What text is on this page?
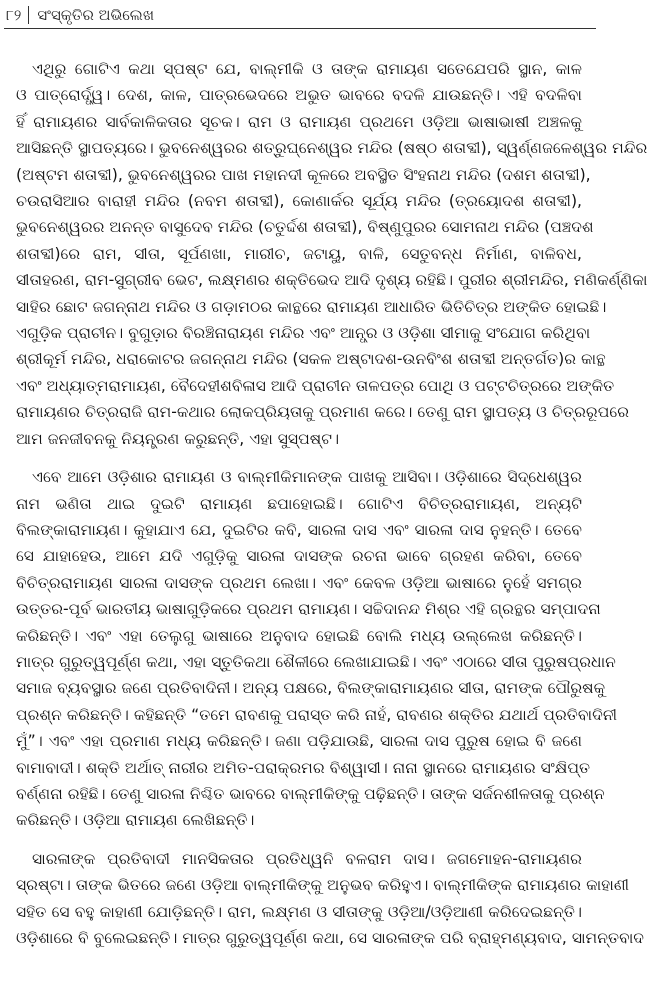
୮୨	ସଂସ୍କୃତିର ଅଭିଲେଖ
ଏଥିରୁ ଗୋଟିଏ କଥା ସ୍ପଷ୍ଟ ଯେ, ବାଲ୍ମୀକି ଓ ତାଙ୍କ ରାମାୟଣ ସତେଯେପରି ସ୍ଥାନ, କାଳ
ଓ ପାତ୍ରୋର୍ଦ୍ଧ୍ୱ। ଦେଶ, କାଳ, ପାତ୍ରଭେଦରେ ଅଭୁତ ଭାବରେ ବଦଳି ଯାଉଛନ୍ତି। ଏହି ବଦଳିବା
ହିଁ ରାମାୟଣର ସାର୍ବକାଳିକତାର ସୂଚକ। ରାମ ଓ ରାମାୟଣ ପ୍ରଥମେ ଓଡ଼ିଆ ଭାଷାଭାଷୀ ଅଞ୍ଚଳକୁ
ଆସିଛନ୍ତି ସ୍ଥାପତ୍ୟରେ। ଭୁବନେଶ୍ୱରର ଶତ୍ରୁଘ୍ନେଶ୍ୱର ମନ୍ଦିର (ଷଷ୍ଠ ଶତାବ୍ଦୀ), ସ୍ୱର୍ଣ୍ଣଜଳେଶ୍ୱର ମନ୍ଦିର
(ଅଷ୍ଟମ ଶତାବ୍ଦୀ), ଭୁବନେଶ୍ୱରର ପାଖ ମହାନଦୀ କୂଳରେ ଅବସ୍ଥିତ ସିଂହନାଥ ମନ୍ଦିର (ଦଶମ ଶତାବ୍ଦୀ),
ଚଉରାସିଆର ବାରାହୀ ମନ୍ଦିର (ନବମ ଶତାବ୍ଦୀ), କୋଣାର୍କର ସୂର୍ଯ୍ୟ ମନ୍ଦିର (ତ୍ରୟୋଦଶ ଶତାବ୍ଦୀ),
ଭୁବନେଶ୍ୱରର ଅନନ୍ତ ବାସୁଦେବ ମନ୍ଦିର (ଚତୁର୍ଦ୍ଦଶ ଶତାବ୍ଦୀ), ବିଷ୍ଣୁପୁରର ସୋମନାଥ ମନ୍ଦିର (ପଞ୍ଚଦଶ
ଶତାବ୍ଦୀ)ରେ ରାମ, ସୀତା, ସୂର୍ପଣଖା, ମାରୀଚ, ଜଟାୟୁ, ବାଳି, ସେତୁବନ୍ଧ ନିର୍ମାଣ, ବାଳିବଧ,
ସୀତାହରଣ, ରାମ-ସୁଗ୍ରୀବ ଭେଟ, ଲକ୍ଷ୍ମଣର ଶକ୍ତିଭେଦ ଆଦି ଦୃଶ୍ୟ ରହିଛି। ପୁରୀର ଶ୍ରୀମନ୍ଦିର, ମଣିକର୍ଣ୍ଣିକା
ସାହିର ଛୋଟ ଜଗନ୍ନାଥ ମନ୍ଦିର ଓ ଗଡ଼ାମଠର କାନ୍ଥରେ ରାମାୟଣ ଆଧାରିତ ଭିତିଚିତ୍ର ଅଙ୍କିତ ହୋଇଛି।
ଏଗୁଡ଼ିକ ପ୍ରାଚୀନ। ବୁଗୁଡ଼ାର ବିରଞ୍ଚିନାରାୟଣ ମନ୍ଦିର ଏବଂ ଆନ୍ଧ୍ର ଓ ଓଡ଼ିଶା ସୀମାକୁ ସଂଯୋଗ କରିଥିବା
ଶ୍ରୀକୂର୍ମ ମନ୍ଦିର, ଧରାକୋଟର ଜଗନ୍ନାଥ ମନ୍ଦିର (ସକଳ ଅଷ୍ଟାଦଶ-ଉନବିଂଶ ଶତାବ୍ଦୀ ଅନ୍ତର୍ଗତ)ର କାନ୍ଥ
ଏବଂ ଅଧ୍ୟାତ୍ମରାମାୟଣ, ବୈଦେହୀଶବିଳାସ ଆଦି ପ୍ରାଚୀନ ତାଳପତ୍ର ପୋଥି ଓ ପଟ୍ଟଚିତ୍ରରେ ଅଙ୍କିତ
ରାମାୟଣର ଚିତ୍ରରାଜି ରାମ-କଥାର ଲୋକପ୍ରିୟତାକୁ ପ୍ରମାଣ କରେ। ତେଣୁ ରାମ ସ୍ଥାପତ୍ୟ ଓ ଚିତ୍ରରୂପରେ
ଆମ ଜନଜୀବନକୁ ନିୟନ୍ତ୍ରଣ କରୁଛନ୍ତି, ଏହା ସୁସ୍ପଷ୍ଟ।
ଏବେ ଆମେ ଓଡ଼ିଶାର ରାମାୟଣ ଓ ବାଲ୍ମୀକିମାନଙ୍କ ପାଖକୁ ଆସିବା। ଓଡ଼ିଶାରେ ସିଦ୍ଧେଶ୍ୱର
ନାମ ଭଣିତା ଥାଇ ଦୁଇଟି ରାମାୟଣ ଛପାହୋଇଛି। ଗୋଟିଏ ବିଚିତ୍ରରାମାୟଣ, ଅନ୍ୟଟି
ବିଲଙ୍କାରାମାୟଣ। କୁହାଯାଏ ଯେ, ଦୁଇଟିର କବି, ସାରଳା ଦାସ ଏବଂ ସାରଳା ଦାସ ନୁହନ୍ତି। ତେବେ
ସେ ଯାହାହେଉ, ଆମେ ଯଦି ଏଗୁଡ଼ିକୁ ସାରଳା ଦାସଙ୍କ ରଚନା ଭାବେ ଗ୍ରହଣ କରିବା, ତେବେ
ବିଚିତ୍ରରାମାୟଣ ସାରଳା ଦାସଙ୍କ ପ୍ରଥମ ଲେଖା। ଏବଂ କେବଳ ଓଡ଼ିଆ ଭାଷାରେ ନୁହେଁ ସମଗ୍ର
ଉତ୍ତର-ପୂର୍ବ ଭାରତୀୟ ଭାଷାଗୁଡ଼ିକରେ ପ୍ରଥମ ରାମାୟଣ। ସଚ୍ଚିଦାନନ୍ଦ ମିଶ୍ର ଏହି ଗ୍ରନ୍ଥର ସମ୍ପାଦନା
କରିଛନ୍ତି। ଏବଂ ଏହା ତେଲୁଗୁ ଭାଷାରେ ଅନୁବାଦ ହୋଇଛି ବୋଲି ମଧ୍ୟ ଉଲ୍ଲେଖ କରିଛନ୍ତି।
ମାତ୍ର ଗୁରୁତ୍ୱପୂର୍ଣ୍ଣ କଥା, ଏହା ସ୍ତୁତିକଥା ଶୈଳୀରେ ଲେଖାଯାଇଛି। ଏବଂ ଏଠାରେ ସୀତା ପୁରୁଷପ୍ରଧାନ
ସମାଜ ବ୍ୟବସ୍ଥାର ଜଣେ ପ୍ରତିବାଦିନୀ। ଅନ୍ୟ ପକ୍ଷରେ, ବିଲଙ୍କାରାମାୟଣର ସୀତା, ରାମଙ୍କ ପୌରୁଷକୁ
ପ୍ରଶ୍ନ କରିଛନ୍ତି। କହିଛନ୍ତି “ତମେ ରାବଣକୁ ପରାସ୍ତ କରି ନାହଁ, ରାବଣର ଶକ୍ତିର ଯଥାର୍ଥ ପ୍ରତିବାଦିନୀ
ମୁଁ”। ଏବଂ ଏହା ପ୍ରମାଣ ମଧ୍ୟ କରିଛନ୍ତି। ଜଣା ପଡ଼ିଯାଉଛି, ସାରଳା ଦାସ ପୁରୁଷ ହୋଇ ବି ଜଣେ
ବାମାବାଦୀ। ଶକ୍ତି ଅର୍ଥାତ୍ ନାରୀର ଅମିତ-ପରାକ୍ରମର ବିଶ୍ୱାସୀ। ନାନା ସ୍ଥାନରେ ରାମାୟଣର ସଂକ୍ଷିପ୍ତ
ବର୍ଣ୍ଣନା ରହିଛି। ତେଣୁ ସାରଳା ନିଶ୍ଚିତ ଭାବରେ ବାଲ୍ମୀକିଙ୍କୁ ପଢ଼ିଛନ୍ତି। ତାଙ୍କ ସର୍ଜନଶୀଳତାକୁ ପ୍ରଶ୍ନ
କରିଛନ୍ତି। ଓଡ଼ିଆ ରାମାୟଣ ଲେଖିଛନ୍ତି।
ସାରଳାଙ୍କ ପ୍ରତିବାଦୀ ମାନସିକତାର ପ୍ରତିଧ୍ୱନି ବଳରାମ ଦାସ। ଜଗମୋହନ-ରାମାୟଣର
ସ୍ରଷ୍ଟା। ତାଙ୍କ ଭିତରେ ଜଣେ ଓଡ଼ିଆ ବାଲ୍ମୀକିଙ୍କୁ ଅନୁଭବ କରିହୁଏ। ବାଲ୍ମୀକିଙ୍କ ରାମାୟଣର କାହାଣୀ
ସହିତ ସେ ବହୁ କାହାଣୀ ଯୋଡ଼ିଛନ୍ତି। ରାମ, ଲକ୍ଷ୍ମଣ ଓ ସୀତାଙ୍କୁ ଓଡ଼ିଆ/ଓଡ଼ିଆଣୀ କରିଦେଇଛନ୍ତି।
ଓଡ଼ିଶାରେ ବି ବୁଲେଇଛନ୍ତି। ମାତ୍ର ଗୁରୁତ୍ୱପୂର୍ଣ୍ଣ କଥା, ସେ ସାରଳାଙ୍କ ପରି ବ୍ରାହ୍ମଣ୍ୟବାଦ, ସାମନ୍ତବାଦ
